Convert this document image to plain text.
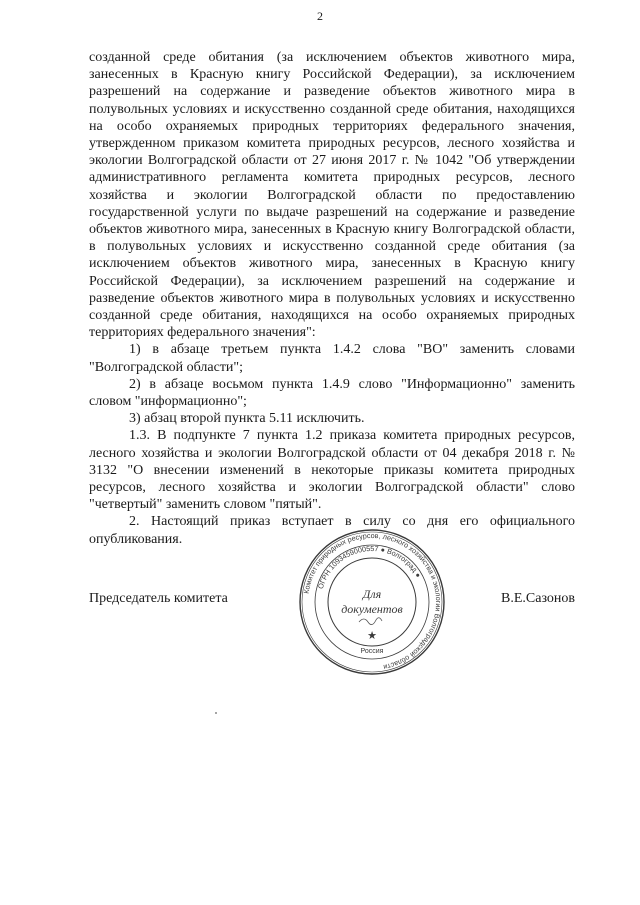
2

созданной среде обитания (за исключением объектов животного мира, занесенных в Красную книгу Российской Федерации), за исключением разрешений на содержание и разведение объектов животного мира в полувольных условиях и искусственно созданной среде обитания, находящихся на особо охраняемых природных территориях федерального значения, утвержденном приказом комитета природных ресурсов, лесного хозяйства и экологии Волгоградской области от 27 июня 2017 г. № 1042 "Об утверждении административного регламента комитета природных ресурсов, лесного хозяйства и экологии Волгоградской области по предоставлению государственной услуги по выдаче разрешений на содержание и разведение объектов животного мира, занесенных в Красную книгу Волгоградской области, в полувольных условиях и искусственно созданной среде обитания (за исключением объектов животного мира, занесенных в Красную книгу Российской Федерации), за исключением разрешений на содержание и разведение объектов животного мира в полувольных условиях и искусственно созданной среде обитания, находящихся на особо охраняемых природных территориях федерального значения":

1) в абзаце третьем пункта 1.4.2 слова "ВО" заменить словами "Волгоградской области";

2) в абзаце восьмом пункта 1.4.9 слово "Информационно" заменить словом "информационно";

3) абзац второй пункта 5.11 исключить.

1.3. В подпункте 7 пункта 1.2 приказа комитета природных ресурсов, лесного хозяйства и экологии Волгоградской области от 04 декабря 2018 г. № 3132 "О внесении изменений в некоторые приказы комитета природных ресурсов, лесного хозяйства и экологии Волгоградской области" слово "четвертый" заменить словом "пятый".

2. Настоящий приказ вступает в силу со дня его официального опубликования.

Председатель комитета	В.Е.Сазонов
Комитет природных ресурсов, лесного хозяйства и экологии Волгоградской области
ОГРН 1093459000557 ● Волгоград ●
Для
документов
★
Россия
